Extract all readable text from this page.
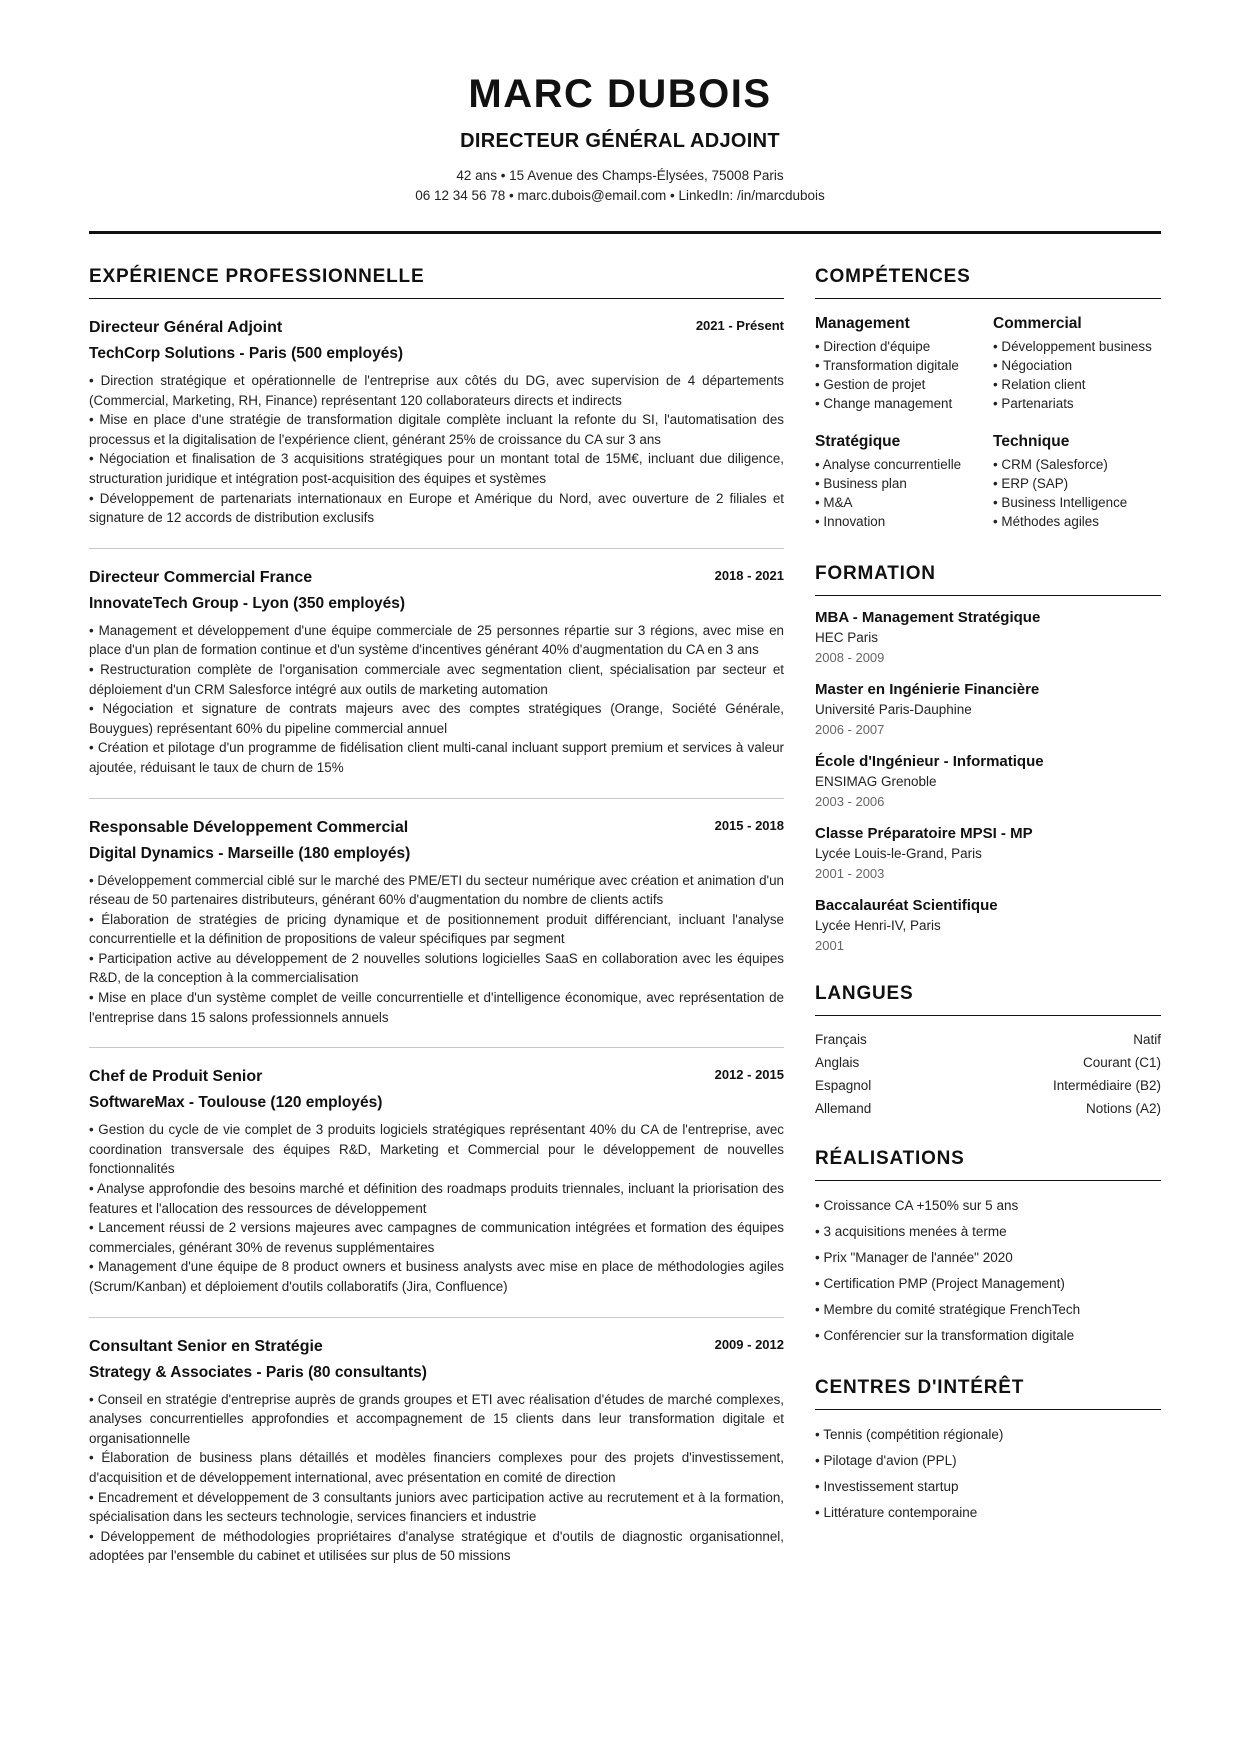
MARC DUBOIS
DIRECTEUR GÉNÉRAL ADJOINT
42 ans • 15 Avenue des Champs-Élysées, 75008 Paris
06 12 34 56 78 • marc.dubois@email.com • LinkedIn: /in/marcdubois
EXPÉRIENCE PROFESSIONNELLE
Directeur Général Adjoint	2021 - Présent
TechCorp Solutions - Paris (500 employés)
• Direction stratégique et opérationnelle de l'entreprise aux côtés du DG, avec supervision de 4 départements (Commercial, Marketing, RH, Finance) représentant 120 collaborateurs directs et indirects
• Mise en place d'une stratégie de transformation digitale complète incluant la refonte du SI, l'automatisation des processus et la digitalisation de l'expérience client, générant 25% de croissance du CA sur 3 ans
• Négociation et finalisation de 3 acquisitions stratégiques pour un montant total de 15M€, incluant due diligence, structuration juridique et intégration post-acquisition des équipes et systèmes
• Développement de partenariats internationaux en Europe et Amérique du Nord, avec ouverture de 2 filiales et signature de 12 accords de distribution exclusifs
Directeur Commercial France	2018 - 2021
InnovateTech Group - Lyon (350 employés)
• Management et développement d'une équipe commerciale de 25 personnes répartie sur 3 régions, avec mise en place d'un plan de formation continue et d'un système d'incentives générant 40% d'augmentation du CA en 3 ans
• Restructuration complète de l'organisation commerciale avec segmentation client, spécialisation par secteur et déploiement d'un CRM Salesforce intégré aux outils de marketing automation
• Négociation et signature de contrats majeurs avec des comptes stratégiques (Orange, Société Générale, Bouygues) représentant 60% du pipeline commercial annuel
• Création et pilotage d'un programme de fidélisation client multi-canal incluant support premium et services à valeur ajoutée, réduisant le taux de churn de 15%
Responsable Développement Commercial	2015 - 2018
Digital Dynamics - Marseille (180 employés)
• Développement commercial ciblé sur le marché des PME/ETI du secteur numérique avec création et animation d'un réseau de 50 partenaires distributeurs, générant 60% d'augmentation du nombre de clients actifs
• Élaboration de stratégies de pricing dynamique et de positionnement produit différenciant, incluant l'analyse concurrentielle et la définition de propositions de valeur spécifiques par segment
• Participation active au développement de 2 nouvelles solutions logicielles SaaS en collaboration avec les équipes R&D, de la conception à la commercialisation
• Mise en place d'un système complet de veille concurrentielle et d'intelligence économique, avec représentation de l'entreprise dans 15 salons professionnels annuels
Chef de Produit Senior	2012 - 2015
SoftwareMax - Toulouse (120 employés)
• Gestion du cycle de vie complet de 3 produits logiciels stratégiques représentant 40% du CA de l'entreprise, avec coordination transversale des équipes R&D, Marketing et Commercial pour le développement de nouvelles fonctionnalités
• Analyse approfondie des besoins marché et définition des roadmaps produits triennales, incluant la priorisation des features et l'allocation des ressources de développement
• Lancement réussi de 2 versions majeures avec campagnes de communication intégrées et formation des équipes commerciales, générant 30% de revenus supplémentaires
• Management d'une équipe de 8 product owners et business analysts avec mise en place de méthodologies agiles (Scrum/Kanban) et déploiement d'outils collaboratifs (Jira, Confluence)
Consultant Senior en Stratégie	2009 - 2012
Strategy & Associates - Paris (80 consultants)
• Conseil en stratégie d'entreprise auprès de grands groupes et ETI avec réalisation d'études de marché complexes, analyses concurrentielles approfondies et accompagnement de 15 clients dans leur transformation digitale et organisationnelle
• Élaboration de business plans détaillés et modèles financiers complexes pour des projets d'investissement, d'acquisition et de développement international, avec présentation en comité de direction
• Encadrement et développement de 3 consultants juniors avec participation active au recrutement et à la formation, spécialisation dans les secteurs technologie, services financiers et industrie
• Développement de méthodologies propriétaires d'analyse stratégique et d'outils de diagnostic organisationnel, adoptées par l'ensemble du cabinet et utilisées sur plus de 50 missions
COMPÉTENCES
Management
• Direction d'équipe
• Transformation digitale
• Gestion de projet
• Change management
Commercial
• Développement business
• Négociation
• Relation client
• Partenariats
Stratégique
• Analyse concurrentielle
• Business plan
• M&A
• Innovation
Technique
• CRM (Salesforce)
• ERP (SAP)
• Business Intelligence
• Méthodes agiles
FORMATION
MBA - Management Stratégique
HEC Paris
2008 - 2009
Master en Ingénierie Financière
Université Paris-Dauphine
2006 - 2007
École d'Ingénieur - Informatique
ENSIMAG Grenoble
2003 - 2006
Classe Préparatoire MPSI - MP
Lycée Louis-le-Grand, Paris
2001 - 2003
Baccalauréat Scientifique
Lycée Henri-IV, Paris
2001
LANGUES
Français	Natif
Anglais	Courant (C1)
Espagnol	Intermédiaire (B2)
Allemand	Notions (A2)
RÉALISATIONS
• Croissance CA +150% sur 5 ans
• 3 acquisitions menées à terme
• Prix "Manager de l'année" 2020
• Certification PMP (Project Management)
• Membre du comité stratégique FrenchTech
• Conférencier sur la transformation digitale
CENTRES D'INTÉRÊT
• Tennis (compétition régionale)
• Pilotage d'avion (PPL)
• Investissement startup
• Littérature contemporaine
